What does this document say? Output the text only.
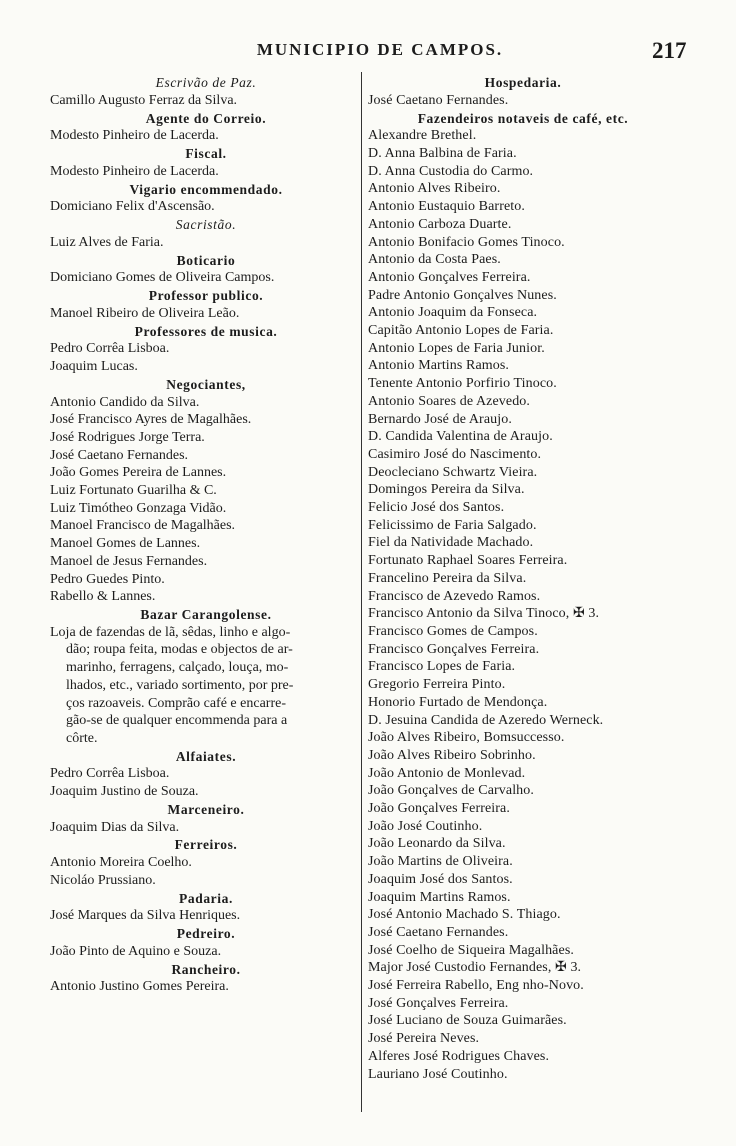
MUNICIPIO DE CAMPOS.	217
Escrivão de Paz.
Camillo Augusto Ferraz da Silva.
Agente do Correio.
Modesto Pinheiro de Lacerda.
Fiscal.
Modesto Pinheiro de Lacerda.
Vigario encommendado.
Domiciano Felix d'Ascensão.
Sacristão.
Luiz Alves de Faria.
Boticario
Domiciano Gomes de Oliveira Campos.
Professor publico.
Manoel Ribeiro de Oliveira Leão.
Professores de musica.
Pedro Corrêa Lisboa.
Joaquim Lucas.
Negociantes,
Antonio Candido da Silva.
José Francisco Ayres de Magalhães.
José Rodrigues Jorge Terra.
José Caetano Fernandes.
João Gomes Pereira de Lannes.
Luiz Fortunato Guarilha & C.
Luiz Timótheo Gonzaga Vidão.
Manoel Francisco de Magalhães.
Manoel Gomes de Lannes.
Manoel de Jesus Fernandes.
Pedro Guedes Pinto.
Rabello & Lannes.
Bazar Carangolense.
Loja de fazendas de lã, sêdas, linho e algo-
dão; roupa feita, modas e objectos de ar-
marinho, ferragens, calçado, louça, mo-
lhados, etc., variado sortimento, por pre-
ços razoaveis. Comprão café e encarre-
gão-se de qualquer encommenda para a
côrte.
Alfaiates.
Pedro Corrêa Lisboa.
Joaquim Justino de Souza.
Marceneiro.
Joaquim Dias da Silva.
Ferreiros.
Antonio Moreira Coelho.
Nicoláo Prussiano.
Padaria.
José Marques da Silva Henriques.
Pedreiro.
João Pinto de Aquino e Souza.
Rancheiro.
Antonio Justino Gomes Pereira.
Hospedaria.
José Caetano Fernandes.
Fazendeiros notaveis de café, etc.
Alexandre Brethel.
D. Anna Balbina de Faria.
D. Anna Custodia do Carmo.
Antonio Alves Ribeiro.
Antonio Eustaquio Barreto.
Antonio Carboza Duarte.
Antonio Bonifacio Gomes Tinoco.
Antonio da Costa Paes.
Antonio Gonçalves Ferreira.
Padre Antonio Gonçalves Nunes.
Antonio Joaquim da Fonseca.
Capitão Antonio Lopes de Faria.
Antonio Lopes de Faria Junior.
Antonio Martins Ramos.
Tenente Antonio Porfirio Tinoco.
Antonio Soares de Azevedo.
Bernardo José de Araujo.
D. Candida Valentina de Araujo.
Casimiro José do Nascimento.
Deocleciano Schwartz Vieira.
Domingos Pereira da Silva.
Felicio José dos Santos.
Felicissimo de Faria Salgado.
Fiel da Natividade Machado.
Fortunato Raphael Soares Ferreira.
Francelino Pereira da Silva.
Francisco de Azevedo Ramos.
Francisco Antonio da Silva Tinoco, ✠ 3.
Francisco Gomes de Campos.
Francisco Gonçalves Ferreira.
Francisco Lopes de Faria.
Gregorio Ferreira Pinto.
Honorio Furtado de Mendonça.
D. Jesuina Candida de Azeredo Werneck.
João Alves Ribeiro, Bomsuccesso.
João Alves Ribeiro Sobrinho.
João Antonio de Monlevad.
João Gonçalves de Carvalho.
João Gonçalves Ferreira.
João José Coutinho.
João Leonardo da Silva.
João Martins de Oliveira.
Joaquim José dos Santos.
Joaquim Martins Ramos.
José Antonio Machado S. Thiago.
José Caetano Fernandes.
José Coelho de Siqueira Magalhães.
Major José Custodio Fernandes, ✠ 3.
José Ferreira Rabello, Eng nho-Novo.
José Gonçalves Ferreira.
José Luciano de Souza Guimarães.
José Pereira Neves.
Alferes José Rodrigues Chaves.
Lauriano José Coutinho.
